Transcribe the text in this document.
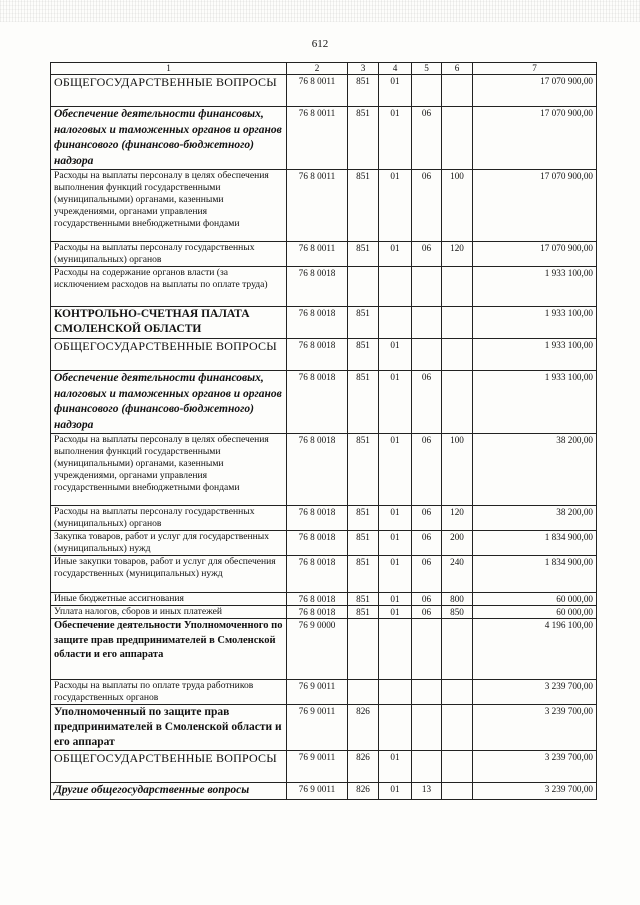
612
1	2	3	4	5	6	7
ОБЩЕГОСУДАРСТВЕННЫЕ ВОПРОСЫ	76 8 0011	851	01			17 070 900,00
Обеспечение деятельности финансовых, налоговых и таможенных органов и органов финансового (финансово-бюджетного) надзора	76 8 0011	851	01	06		17 070 900,00
Расходы на выплаты персоналу в целях обеспечения выполнения функций государственными (муниципальными) органами, казенными учреждениями, органами управления государственными внебюджетными фондами	76 8 0011	851	01	06	100	17 070 900,00
Расходы на выплаты персоналу государственных (муниципальных) органов	76 8 0011	851	01	06	120	17 070 900,00
Расходы на содержание органов власти (за исключением расходов на выплаты по оплате труда)	76 8 0018					1 933 100,00
КОНТРОЛЬНО-СЧЕТНАЯ ПАЛАТА СМОЛЕНСКОЙ ОБЛАСТИ	76 8 0018	851				1 933 100,00
ОБЩЕГОСУДАРСТВЕННЫЕ ВОПРОСЫ	76 8 0018	851	01			1 933 100,00
Обеспечение деятельности финансовых, налоговых и таможенных органов и органов финансового (финансово-бюджетного) надзора	76 8 0018	851	01	06		1 933 100,00
Расходы на выплаты персоналу в целях обеспечения выполнения функций государственными (муниципальными) органами, казенными учреждениями, органами управления государственными внебюджетными фондами	76 8 0018	851	01	06	100	38 200,00
Расходы на выплаты персоналу государственных (муниципальных) органов	76 8 0018	851	01	06	120	38 200,00
Закупка товаров, работ и услуг для государственных (муниципальных) нужд	76 8 0018	851	01	06	200	1 834 900,00
Иные закупки товаров, работ и услуг для обеспечения государственных (муниципальных) нужд	76 8 0018	851	01	06	240	1 834 900,00
Иные бюджетные ассигнования	76 8 0018	851	01	06	800	60 000,00
Уплата налогов, сборов и иных платежей	76 8 0018	851	01	06	850	60 000,00
Обеспечение деятельности Уполномоченного по защите прав предпринимателей в Смоленской области и его аппарата	76 9 0000					4 196 100,00
Расходы на выплаты по оплате труда работников государственных органов	76 9 0011					3 239 700,00
Уполномоченный по защите прав предпринимателей в Смоленской области и его аппарат	76 9 0011	826				3 239 700,00
ОБЩЕГОСУДАРСТВЕННЫЕ ВОПРОСЫ	76 9 0011	826	01			3 239 700,00
Другие общегосударственные вопросы	76 9 0011	826	01	13		3 239 700,00
